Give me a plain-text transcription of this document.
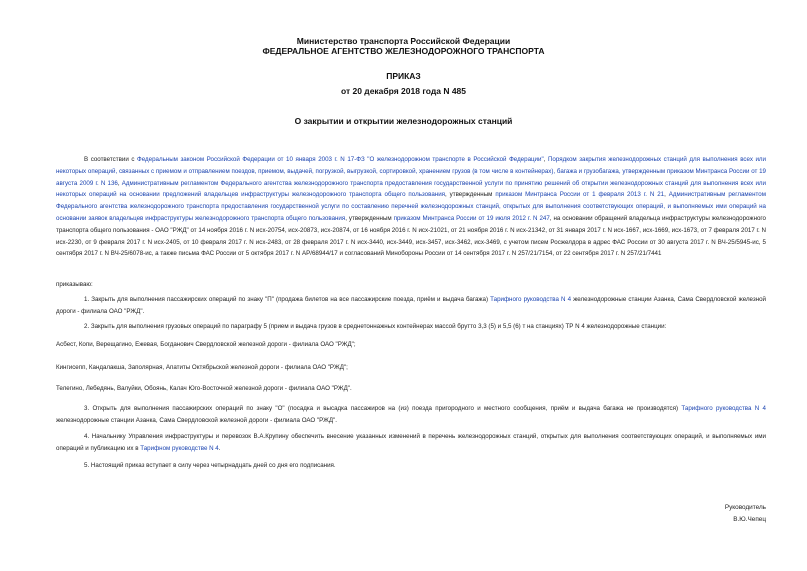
Министерство транспорта Российской Федерации
ФЕДЕРАЛЬНОЕ АГЕНТСТВО ЖЕЛЕЗНОДОРОЖНОГО ТРАНСПОРТА
ПРИКАЗ
от 20 декабря 2018 года N 485
О закрытии и открытии железнодорожных станций
В соответствии с Федеральным законом Российской Федерации от 10 января 2003 г. N 17-ФЗ "О железнодорожном транспорте в Российской Федерации", Порядком закрытия железнодорожных станций для выполнения всех или некоторых операций, связанных с приемом и отправлением поездов, приемом, выдачей, погрузкой, выгрузкой, сортировкой, хранением грузов (в том числе в контейнерах), багажа и грузобагажа, утвержденным приказом Минтранса России от 19 августа 2009 г. N 136, Административным регламентом Федерального агентства железнодорожного транспорта предоставления государственной услуги по принятию решений об открытии железнодорожных станций для выполнения всех или некоторых операций на основании предложений владельцев инфраструктуры железнодорожного транспорта общего пользования, утвержденным приказом Минтранса России от 1 февраля 2013 г. N 21, Административным регламентом Федерального агентства железнодорожного транспорта предоставления государственной услуги по составлению перечней железнодорожных станций, открытых для выполнения соответствующих операций, и выполняемых ими операций на основании заявок владельцев инфраструктуры железнодорожного транспорта общего пользования, утвержденным приказом Минтранса России от 19 июля 2012 г. N 247, на основании обращений владельца инфраструктуры железнодорожного транспорта общего пользования - ОАО "РЖД" от 14 ноября 2016 г. N исх-20754, исх-20873, исх-20874, от 16 ноября 2016 г. N исх-21021, от 21 ноября 2016 г. N исх-21342, от 31 января 2017 г. N исх-1667, исх-1669, исх-1673, от 7 февраля 2017 г. N исх-2230, от 9 февраля 2017 г. N исх-2405, от 10 февраля 2017 г. N исх-2483, от 28 февраля 2017 г. N исх-3440, исх-3449, исх-3457, исх-3462, исх-3469, с учетом писем Росжелдора в адрес ФАС России от 30 августа 2017 г. N ВЧ-25/5945-ис, 5 сентября 2017 г. N ВЧ-25/6078-ис, а также письма ФАС России от 5 октября 2017 г. N АР/68944/17 и согласований Минобороны России от 14 сентября 2017 г. N 257/21/7154, от 22 сентября 2017 г. N 257/21/7441
приказываю:
1. Закрыть для выполнения пассажирских операций по знаку "П" (продажа билетов на все пассажирские поезда, приём и выдача багажа) Тарифного руководства N 4 железнодорожные станции Азанка, Сама Свердловской железной дороги - филиала ОАО "РЖД".
2. Закрыть для выполнения грузовых операций по параграфу 5 (прием и выдача грузов в среднетоннажных контейнерах массой брутто 3,3 (5) и 5,5 (6) т на станциях) ТР N 4 железнодорожные станции:
Асбест, Копи, Верещагино, Ежевая, Богданович Свердловской железной дороги - филиала ОАО "РЖД";
Кингисепп, Кандалакша, Заполярная, Апатиты Октябрьской железной дороги - филиала ОАО "РЖД";
Телегино, Лебедянь, Валуйки, Обоянь, Калач Юго-Восточной железной дороги - филиала ОАО "РЖД".
3. Открыть для выполнения пассажирских операций по знаку "О" (посадка и высадка пассажиров на (из) поезда пригородного и местного сообщения, приём и выдача багажа не производятся) Тарифного руководства N 4 железнодорожные станции Азанка, Сама Свердловской железной дороги - филиала ОАО "РЖД".
4. Начальнику Управления инфраструктуры и перевозок В.А.Крупину обеспечить внесение указанных изменений в перечень железнодорожных станций, открытых для выполнения соответствующих операций, и выполняемых ими операций и публикацию их в Тарифном руководстве N 4.
5. Настоящий приказ вступает в силу через четырнадцать дней со дня его подписания.
Руководитель
В.Ю.Чепец
